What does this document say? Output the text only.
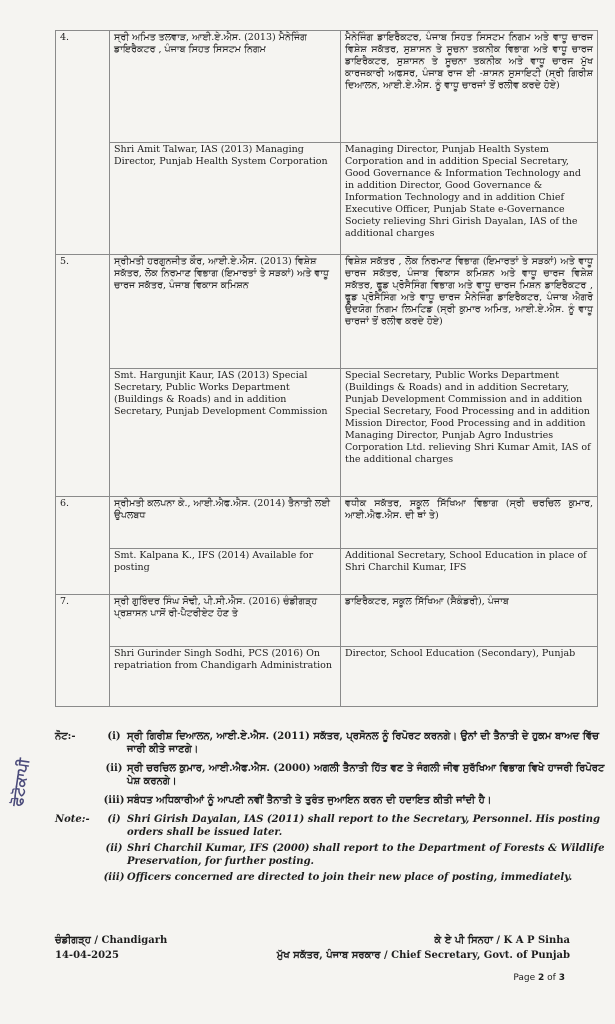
4.	ਸ੍ਰੀ ਅਮਿਤ ਤਲਵਾੜ, ਆਈ.ਏ.ਐਸ. (2013) ਮੈਨੇਜਿੰਗ ਡਾਇਰੈਕਟਰ , ਪੰਜਾਬ ਸਿਹਤ ਸਿਸਟਮ ਨਿਗਮ	ਮੈਨੇਜਿੰਗ ਡਾਇਰੈਕਟਰ, ਪੰਜਾਬ ਸਿਹਤ ਸਿਸਟਮ ਨਿਗਮ ਅਤੇ ਵਾਧੂ ਚਾਰਜ ਵਿਸ਼ੇਸ਼ ਸਕੱਤਰ, ਸੁਸ਼ਾਸਨ ਤੇ ਸੂਚਨਾ ਤਕਨੀਕ ਵਿਭਾਗ ਅਤੇ ਵਾਧੂ ਚਾਰਜ ਡਾਇਰੈਕਟਰ, ਸੁਸ਼ਾਸਨ ਤੇ ਸੂਚਨਾ ਤਕਨੀਕ ਅਤੇ ਵਾਧੂ ਚਾਰਜ ਮੁੱਖ ਕਾਰਜਕਾਰੀ ਅਫਸਰ, ਪੰਜਾਬ ਰਾਜ ਈ -ਸ਼ਾਸਨ ਸੁਸਾਇਟੀ (ਸ੍ਰੀ ਗਿਰੀਸ਼ ਦਿਆਲਨ, ਆਈ.ਏ.ਐਸ. ਨੂੰ ਵਾਧੂ ਚਾਰਜਾਂ ਤੋਂ ਰਲੀਵ ਕਰਦੇ ਹੋਏ)
	Shri Amit Talwar, IAS (2013) Managing Director, Punjab Health System Corporation	Managing Director, Punjab Health System Corporation and in addition Special Secretary, Good Governance & Information Technology and in addition Director, Good Governance & Information Technology and in addition Chief Executive Officer, Punjab State e-Governance Society relieving Shri Girish Dayalan, IAS of the additional charges
5.	ਸ੍ਰੀਮਤੀ ਹਰਗੁਨਜੀਤ ਕੌਰ, ਆਈ.ਏ.ਐਸ. (2013) ਵਿਸ਼ੇਸ਼ ਸਕੱਤਰ, ਲੋਕ ਨਿਰਮਾਣ ਵਿਭਾਗ (ਇਮਾਰਤਾਂ ਤੇ ਸੜਕਾਂ) ਅਤੇ ਵਾਧੂ ਚਾਰਜ ਸਕੱਤਰ, ਪੰਜਾਬ ਵਿਕਾਸ ਕਮਿਸ਼ਨ	ਵਿਸ਼ੇਸ਼ ਸਕੱਤਰ , ਲੋਕ ਨਿਰਮਾਣ ਵਿਭਾਗ (ਇਮਾਰਤਾਂ ਤੇ ਸੜਕਾਂ) ਅਤੇ ਵਾਧੂ ਚਾਰਜ ਸਕੱਤਰ, ਪੰਜਾਬ ਵਿਕਾਸ ਕਮਿਸ਼ਨ ਅਤੇ ਵਾਧੂ ਚਾਰਜ ਵਿਸ਼ੇਸ਼ ਸਕੱਤਰ, ਫੂਡ ਪ੍ਰੋਸੈਸਿੰਗ ਵਿਭਾਗ ਅਤੇ ਵਾਧੂ ਚਾਰਜ ਮਿਸ਼ਨ ਡਾਇਰੈਕਟਰ , ਫੂਡ ਪ੍ਰੋਸੈਸਿੰਗ ਅਤੇ ਵਾਧੂ ਚਾਰਜ ਮੈਨੇਜਿੰਗ ਡਾਇਰੈਕਟਰ, ਪੰਜਾਬ ਐਗਰੋ ਉਦਯੋਗ ਨਿਗਮ ਲਿਮਟਿਡ (ਸ੍ਰੀ ਕੁਮਾਰ ਅਮਿਤ, ਆਈ.ਏ.ਐਸ. ਨੂੰ ਵਾਧੂ ਚਾਰਜਾਂ ਤੋਂ ਰਲੀਵ ਕਰਦੇ ਹੋਏ)
	Smt. Hargunjit Kaur, IAS (2013) Special Secretary, Public Works Department (Buildings & Roads) and in addition Secretary, Punjab Development Commission	Special Secretary, Public Works Department (Buildings & Roads) and in addition Secretary, Punjab Development Commission and in addition Special Secretary, Food Processing and in addition Mission Director, Food Processing and in addition Managing Director, Punjab Agro Industries Corporation Ltd. relieving Shri Kumar Amit, IAS of the additional charges
6.	ਸ੍ਰੀਮਤੀ ਕਲਪਨਾ ਕੇ., ਆਈ.ਐਫ.ਐਸ. (2014) ਤੈਨਾਤੀ ਲਈ ਉਪਲਬਧ	ਵਧੀਕ ਸਕੱਤਰ, ਸਕੂਲ ਸਿੱਖਿਆ ਵਿਭਾਗ (ਸ੍ਰੀ ਚਰਚਿਲ ਕੁਮਾਰ, ਆਈ.ਐਫ.ਐਸ. ਦੀ ਥਾਂ ਤੇ)
	Smt. Kalpana K., IFS (2014) Available for posting	Additional Secretary, School Education in place of Shri Charchil Kumar, IFS
7.	ਸ੍ਰੀ ਗੁਰਿੰਦਰ ਸਿੰਘ ਸੋਢੀ, ਪੀ.ਸੀ.ਐਸ. (2016) ਚੰਡੀਗੜ੍ਹ ਪ੍ਰਸ਼ਾਸਨ ਪਾਸੋਂ ਰੀ-ਪੈਟਰੀਏਟ ਹੋਣ ਤੇ	ਡਾਇਰੈਕਟਰ, ਸਕੂਲ ਸਿੱਖਿਆ (ਸੈਕੰਡਰੀ), ਪੰਜਾਬ
	Shri Gurinder Singh Sodhi, PCS (2016) On repatriation from Chandigarh Administration	Director, School Education (Secondary), Punjab
ਫੋਟੋਕਾਪੀ
ਨੋਟ:-	(i) ਸ੍ਰੀ ਗਿਰੀਸ਼ ਦਿਆਲਨ, ਆਈ.ਏ.ਐਸ. (2011) ਸਕੱਤਰ, ਪ੍ਰਸੋਨਲ ਨੂੰ ਰਿਪੋਰਟ ਕਰਨਗੇ। ਉਨਾਂ ਦੀ ਤੈਨਾਤੀ ਦੇ ਹੁਕਮ ਬਾਅਦ ਵਿੱਚ ਜਾਰੀ ਕੀਤੇ ਜਾਣਗੇ।
(ii) ਸ੍ਰੀ ਚਰਚਿਲ ਕੁਮਾਰ, ਆਈ.ਐਫ.ਐਸ. (2000) ਅਗਲੀ ਤੈਨਾਤੀ ਹਿੱਤ ਵਣ ਤੇ ਜੰਗਲੀ ਜੀਵ ਸੁਰੱਖਿਆ ਵਿਭਾਗ ਵਿਖੇ ਹਾਜਰੀ ਰਿਪੋਰਟ ਪੇਸ਼ ਕਰਨਗੇ।
(iii) ਸਬੰਧਤ ਅਧਿਕਾਰੀਆਂ ਨੂੰ ਆਪਣੀ ਨਵੀਂ ਤੈਨਾਤੀ ਤੇ ਤੁਰੰਤ ਜੁਆਇਨ ਕਰਨ ਦੀ ਹਦਾਇਤ ਕੀਤੀ ਜਾਂਦੀ ਹੈ।
Note:-	(i) Shri Girish Dayalan, IAS (2011) shall report to the Secretary, Personnel. His posting orders shall be issued later.
(ii) Shri Charchil Kumar, IFS (2000) shall report to the Department of Forests & Wildlife Preservation, for further posting.
(iii) Officers concerned are directed to join their new place of posting, immediately.
ਚੰਡੀਗੜ੍ਹ / Chandigarh
14-04-2025
ਕੇ ਏ ਪੀ ਸਿਨਹਾ / K A P Sinha
ਮੁੱਖ ਸਕੱਤਰ, ਪੰਜਾਬ ਸਰਕਾਰ / Chief Secretary, Govt. of Punjab
Page 2 of 3
